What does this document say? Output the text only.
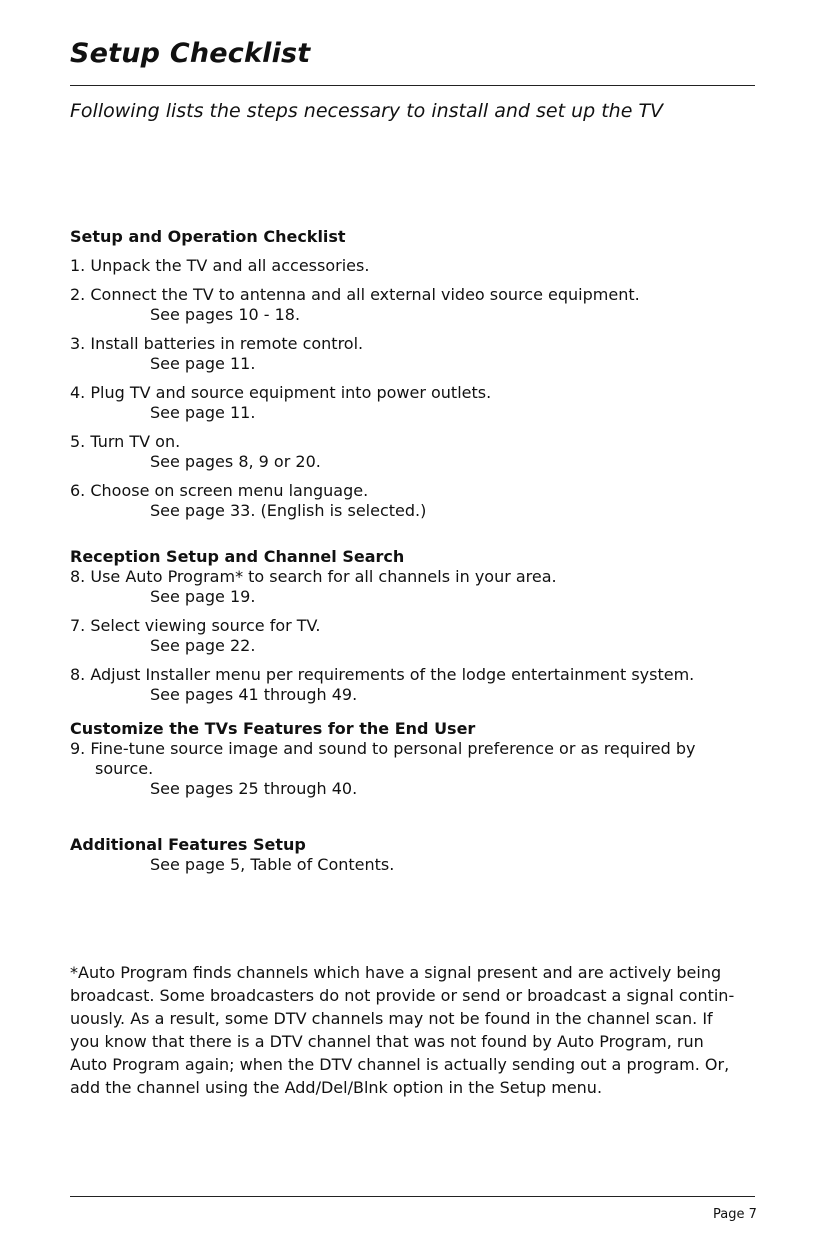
Setup Checklist
Following lists the steps necessary to install and set up the TV
Setup and Operation Checklist
1. Unpack the TV and all accessories.
2. Connect the TV to antenna and all external video source equipment.
See pages 10 - 18.
3. Install batteries in remote control.
See page 11.
4. Plug TV and source equipment into power outlets.
See page 11.
5. Turn TV on.
See pages 8, 9 or 20.
6. Choose on screen menu language.
See page 33. (English is selected.)
Reception Setup and Channel Search
8. Use Auto Program* to search for all channels in your area.
See page 19.
7. Select viewing source for TV.
See page 22.
8. Adjust Installer menu per requirements of the lodge entertainment system.
See pages 41 through 49.
Customize the TVs Features for the End User
9. Fine-tune source image and sound to personal preference or as required by
source.
See pages 25 through 40.
Additional Features Setup
See page 5, Table of Contents.
*Auto Program finds channels which have a signal present and are actively being
broadcast. Some broadcasters do not provide or send or broadcast a signal contin-
uously. As a result, some DTV channels may not be found in the channel scan. If
you know that there is a DTV channel that was not found by Auto Program, run
Auto Program again; when the DTV channel is actually sending out a program. Or,
add the channel using the Add/Del/Blnk option in the Setup menu.
Page 7
